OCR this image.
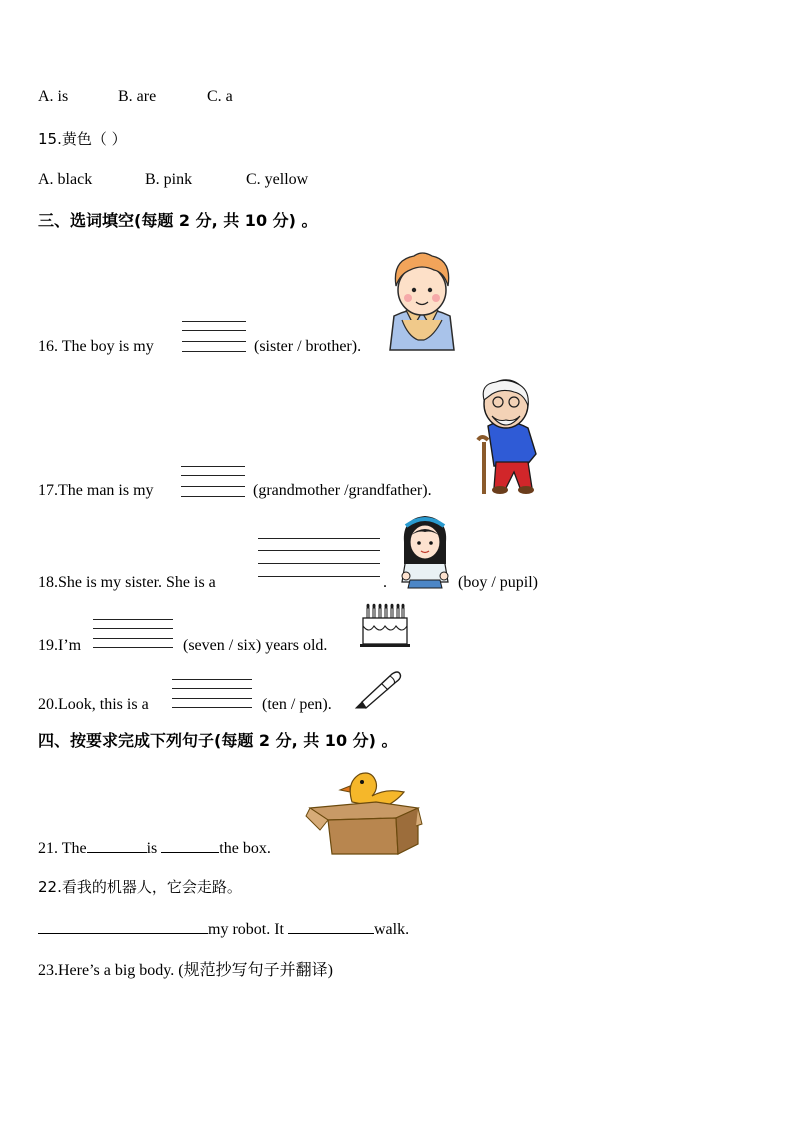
A. is	B. are	C. a
15.黄色（ ）
A. black	B. pink	C. yellow
三、选词填空(每题 2 分, 共 10 分) 。
16. The boy is my	(sister / brother).
17.The man is my	(grandmother /grandfather).
18.She is my sister. She is a	.	(boy / pupil)
19.I’m	(seven / six) years old.
20.Look, this is a	(ten / pen).
四、按要求完成下列句子(每题 2 分, 共 10 分) 。
21. The	is	the box.
22.看我的机器人，它会走路。
my robot. It	walk.
23.Here’s a big body. (规范抄写句子并翻译)
